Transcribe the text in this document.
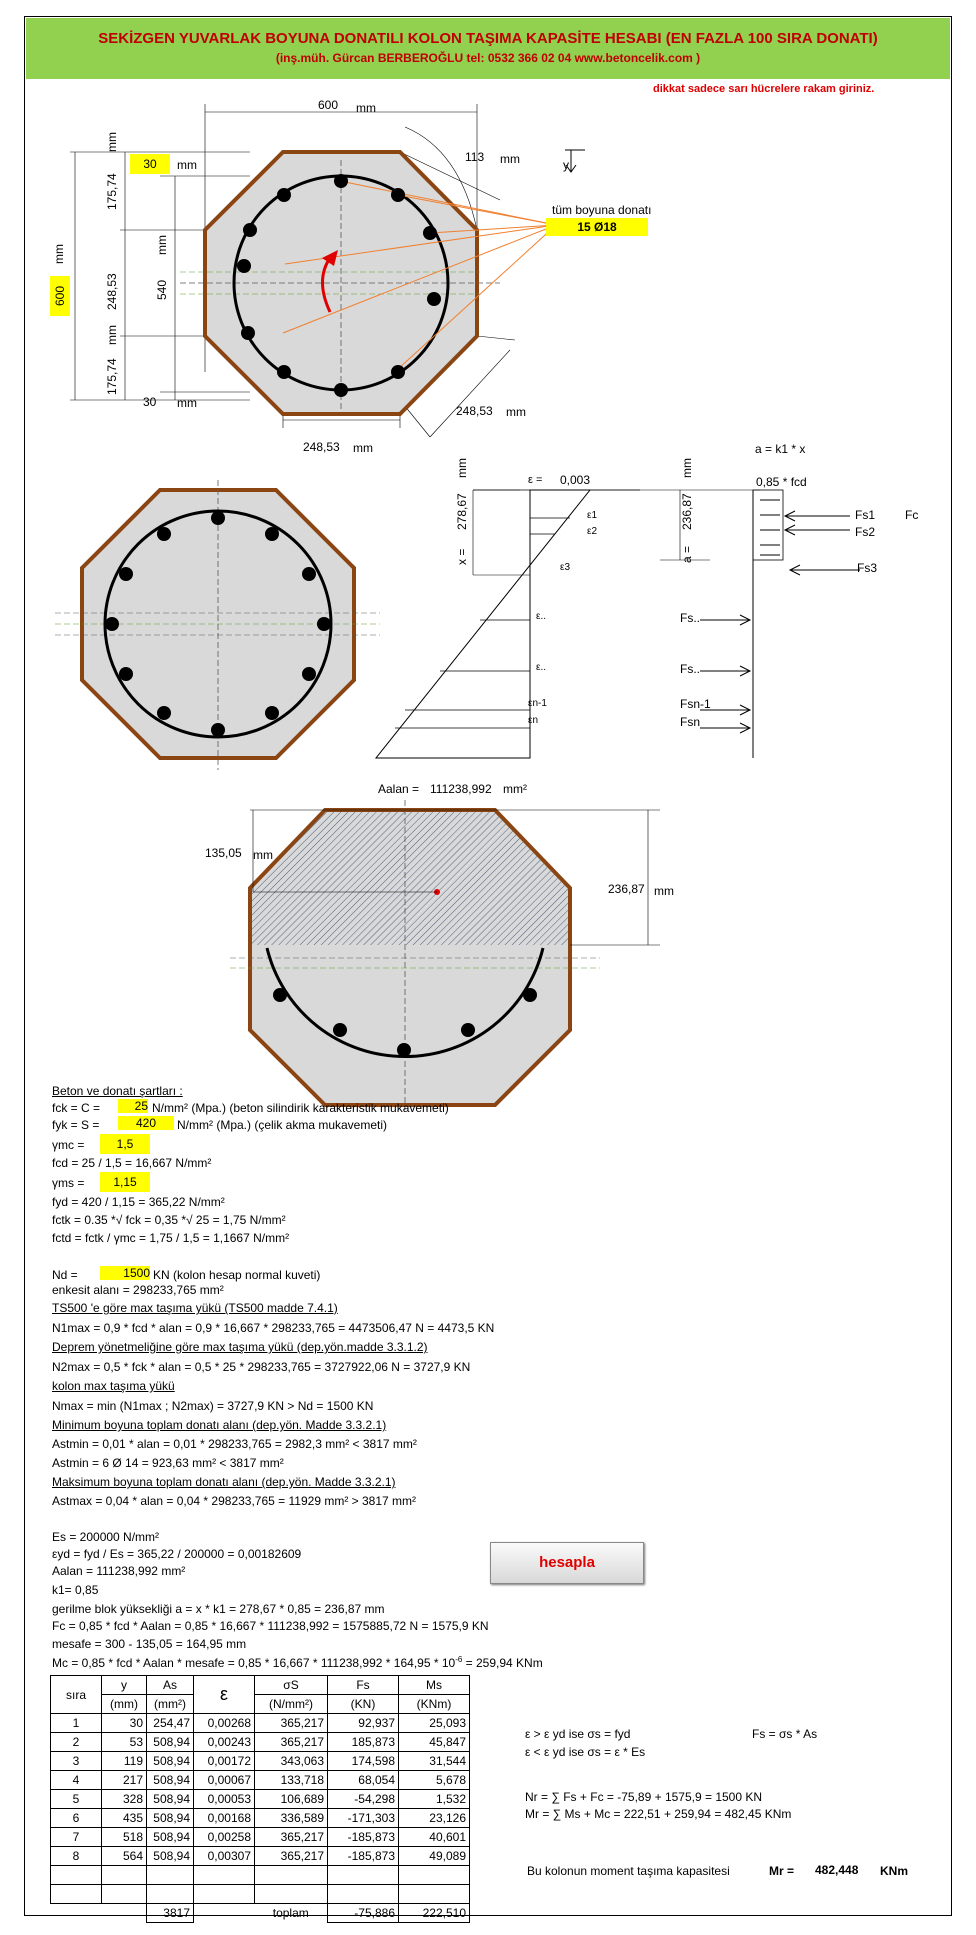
SEKİZGEN YUVARLAK BOYUNA DONATILI KOLON TAŞIMA KAPASİTE HESABI (EN FAZLA 100 SIRA DONATI)
(inş.müh. Gürcan BERBEROĞLU tel: 0532 366 02 04 www.betoncelik.com )
dikkat sadece sarı hücrelere rakam giriniz.
600 mm
30	mm
113 mm	y
tüm boyuna donatı
15 Ø18
600
mm
175,74
mm
248,53
mm
175,74
540
mm
30 mm
248,53 mm
248,53 mm
a = k1 * x
ε = 0,003	0,85 * fcd
x =
278,67
mm
a =
236,87
mm
Fc
Fs1
Fs2
Fs3
Fs..
Fs..
Fsn-1
Fsn
ε1
ε2
ε3
ε..
ε..
εn-1
εn
Aalan = 111238,992 mm²
135,05 mm
236,87 mm
Beton ve donatı şartları :
fck = C =	25 N/mm² (Mpa.) (beton silindirik karakteristik mukavemeti)
fyk = S =	420	N/mm² (Mpa.) (çelik akma mukavemeti)
γmc =	1,5
fcd = 25 / 1,5 = 16,667 N/mm²
γms =	1,15
fyd = 420 / 1,15 = 365,22 N/mm²
fctk = 0.35 *√ fck = 0,35 *√ 25 = 1,75 N/mm²
fctd = fctk / γmc = 1,75 / 1,5 = 1,1667 N/mm²
Nd =	1500 KN (kolon hesap normal kuveti)
enkesit alanı = 298233,765 mm²
TS500 'e göre max taşıma yükü (TS500 madde 7.4.1)
N1max = 0,9 * fcd * alan = 0,9 * 16,667 * 298233,765 = 4473506,47 N = 4473,5 KN
Deprem yönetmeliğine göre max taşıma yükü (dep.yön.madde 3.3.1.2)
N2max = 0,5 * fck * alan = 0,5 * 25 * 298233,765 = 3727922,06 N = 3727,9 KN
kolon max taşıma yükü
Nmax = min (N1max ; N2max) = 3727,9 KN > Nd = 1500 KN
Minimum boyuna toplam donatı alanı (dep.yön. Madde 3.3.2.1)
Astmin = 0,01 * alan = 0,01 * 298233,765 = 2982,3 mm² < 3817 mm²
Astmin = 6 Ø 14 = 923,63 mm² < 3817 mm²
Maksimum boyuna toplam donatı alanı (dep.yön. Madde 3.3.2.1)
Astmax = 0,04 * alan = 0,04 * 298233,765 = 11929 mm² > 3817 mm²
Es = 200000 N/mm²
εyd = fyd / Es = 365,22 / 200000 = 0,00182609
Aalan = 111238,992 mm²
k1= 0,85
gerilme blok yüksekliği a = x * k1 = 278,67 * 0,85 = 236,87 mm
Fc = 0,85 * fcd * Aalan = 0,85 * 16,667 * 111238,992 = 1575885,72 N = 1575,9 KN
mesafe = 300 - 135,05 = 164,95 mm
Mc = 0,85 * fcd * Aalan * mesafe = $0,85 * 16,667 * 111238,992 * 164,95 * 10^{-6} = 259,94$ KNm
hesapla
sıra	y	As	ε	σS	Fs	Ms
	(mm)	(mm²)		(N/mm²)	(KN)	(KNm)
1	30	254,47	0,00268	365,217	92,937	25,093
2	53	508,94	0,00243	365,217	185,873	45,847
3	119	508,94	0,00172	343,063	174,598	31,544
4	217	508,94	0,00067	133,718	68,054	5,678
5	328	508,94	0,00053	106,689	-54,298	1,532
6	435	508,94	0,00168	336,589	-171,303	23,126
7	518	508,94	0,00258	365,217	-185,873	40,601
8	564	508,94	0,00307	365,217	-185,873	49,089

		3817		toplam	-75,886	222,510
ε > ε yd ise σs = fyd
ε < ε yd ise σs = ε * Es
Fs = σs * As
Nr = ∑ Fs + Fc = -75,89 + 1575,9 = 1500 KN
Mr = ∑ Ms + Mc = 222,51 + 259,94 = 482,45 KNm
Bu kolonun moment taşıma kapasitesi	Mr = 482,448 KNm
